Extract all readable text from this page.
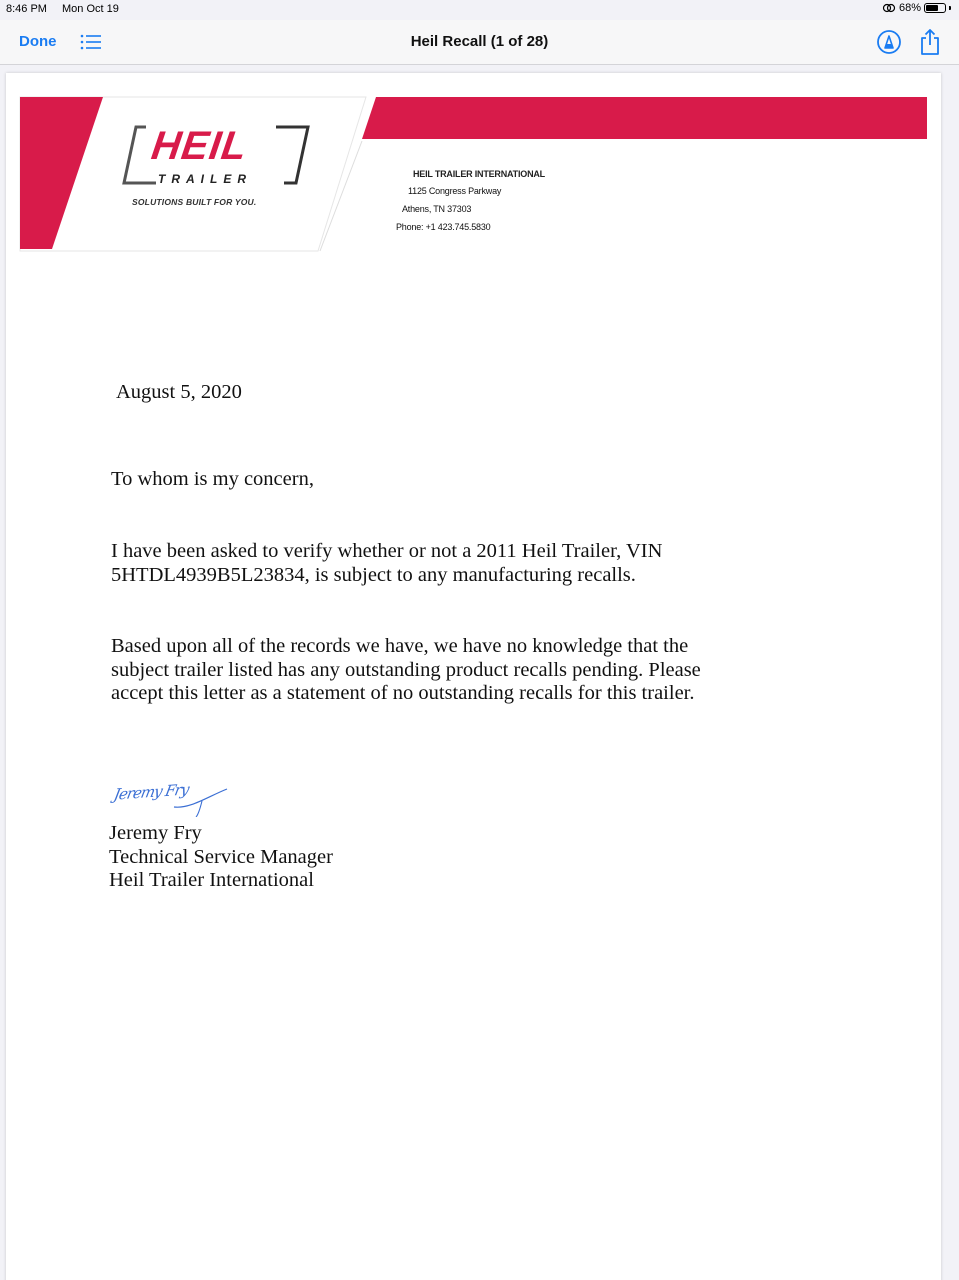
8:46 PM Mon Oct 19	68%
Done	Heil Recall (1 of 28)
HEIL
TRAILER
SOLUTIONS BUILT FOR YOU.
HEIL TRAILER INTERNATIONAL
1125 Congress Parkway
Athens, TN 37303
Phone: +1 423.745.5830
August 5, 2020
To whom is my concern,
I have been asked to verify whether or not a 2011 Heil Trailer, VIN
5HTDL4939B5L23834, is subject to any manufacturing recalls.
Based upon all of the records we have, we have no knowledge that the
subject trailer listed has any outstanding product recalls pending. Please
accept this letter as a statement of no outstanding recalls for this trailer.
Jeremy Fry
Jeremy Fry
Technical Service Manager
Heil Trailer International
